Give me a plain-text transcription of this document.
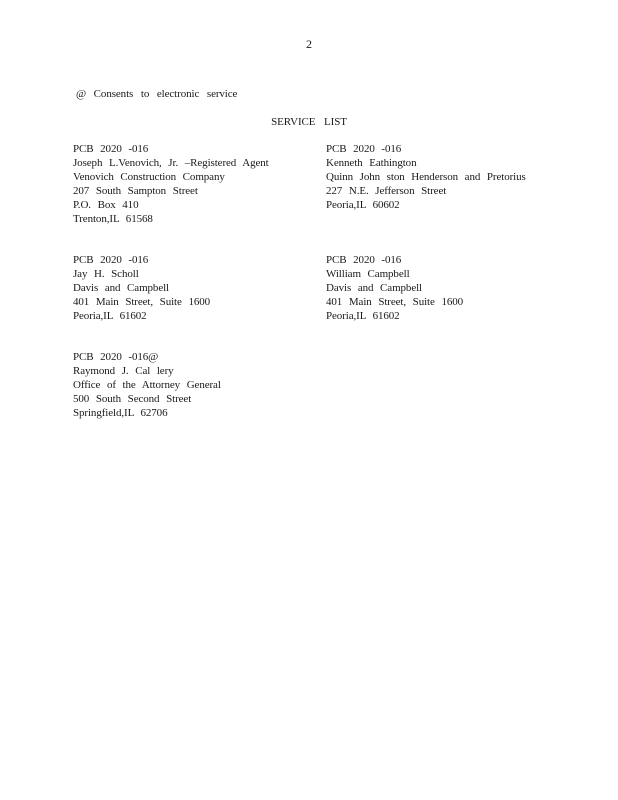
2
@ Consents to electronic service
SERVICE LIST
PCB 2020 -016
Joseph L.Venovich, Jr. –Registered Agent
Venovich Construction Company
207 South Sampton Street
P.O. Box 410
Trenton,IL 61568
PCB 2020 -016
Kenneth Eathington
Quinn John ston Henderson and Pretorius
227 N.E. Jefferson Street
Peoria,IL 60602
PCB 2020 -016
Jay H. Scholl
Davis and Campbell
401 Main Street, Suite 1600
Peoria,IL 61602
PCB 2020 -016
William Campbell
Davis and Campbell
401 Main Street, Suite 1600
Peoria,IL 61602
PCB 2020 -016@
Raymond J. Cal lery
Office of the Attorney General
500 South Second Street
Springfield,IL 62706
